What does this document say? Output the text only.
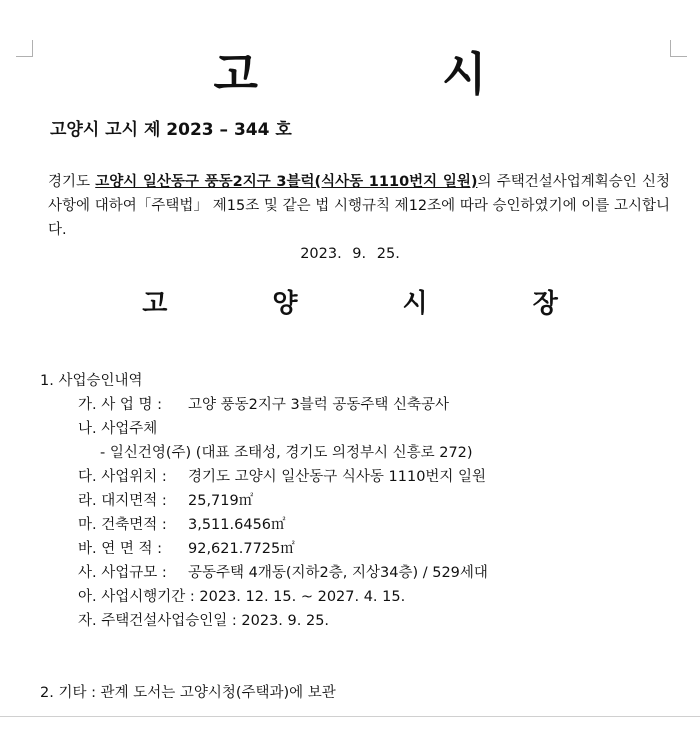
고 시
고양시 고시 제 2023 – 344 호
경기도 고양시 일산동구 풍동2지구 3블럭(식사동 1110번지 일원)의 주택건설사업계획승인 신청 사항에 대하여「주택법」 제15조 및 같은 법 시행규칙 제12조에 따라 승인하였기에 이를 고시합니다.
2023. 9. 25.
고 양 시 장
1. 사업승인내역
가. 사 업 명 : 고양 풍동2지구 3블럭 공동주택 신축공사
나. 사업주체
- 일신건영(주) (대표 조태성, 경기도 의정부시 신흥로 272)
다. 사업위치 : 경기도 고양시 일산동구 식사동 1110번지 일원
라. 대지면적 : 25,719㎡
마. 건축면적 : 3,511.6456㎡
바. 연 면 적 : 92,621.7725㎡
사. 사업규모 : 공동주택 4개동(지하2층, 지상34층) / 529세대
아. 사업시행기간 : 2023. 12. 15. ~ 2027. 4. 15.
자. 주택건설사업승인일 : 2023. 9. 25.
2. 기타 : 관계 도서는 고양시청(주택과)에 보관
